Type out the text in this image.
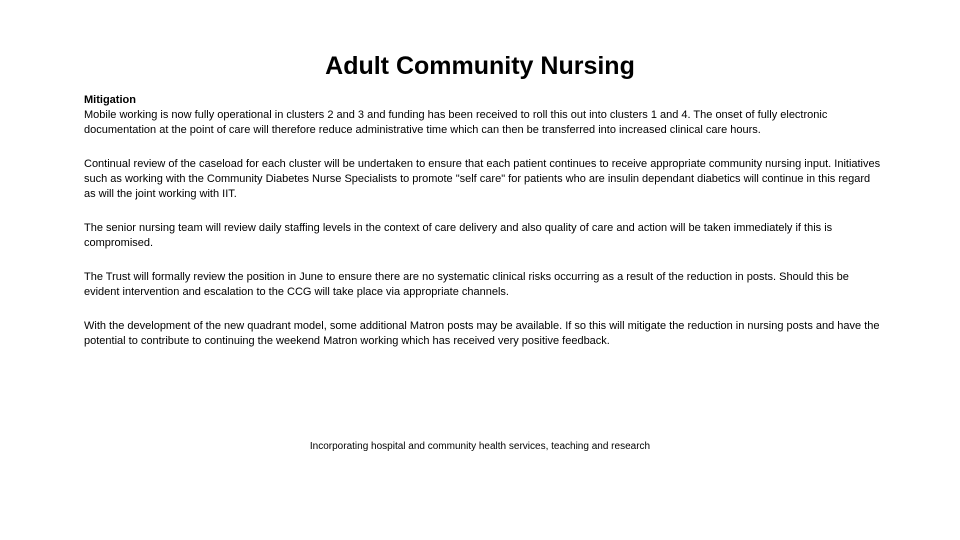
Adult Community Nursing

Mitigation

Mobile working is now fully operational in clusters 2 and 3 and funding has been received to roll this out into clusters 1 and 4. The onset of fully electronic documentation at the point of care will therefore reduce administrative time which can then be transferred into increased clinical care hours.

Continual review of the caseload for each cluster will be undertaken to ensure that each patient continues to receive appropriate community nursing input. Initiatives such as working with the Community Diabetes Nurse Specialists to promote "self care" for patients who are insulin dependant diabetics will continue in this regard as will the joint working with IIT.

The senior nursing team will review daily staffing levels in the context of care delivery and also quality of care and action will be taken immediately if this is compromised.

The Trust will formally review the position in June to ensure there are no systematic clinical risks occurring as a result of the reduction in posts. Should this be evident intervention and escalation to the CCG will take place via appropriate channels.

With the development of the new quadrant model, some additional Matron posts may be available. If so this will mitigate the reduction in nursing posts and have the potential to contribute to continuing the weekend Matron working which has received very positive feedback.

Incorporating hospital and community health services, teaching and research
